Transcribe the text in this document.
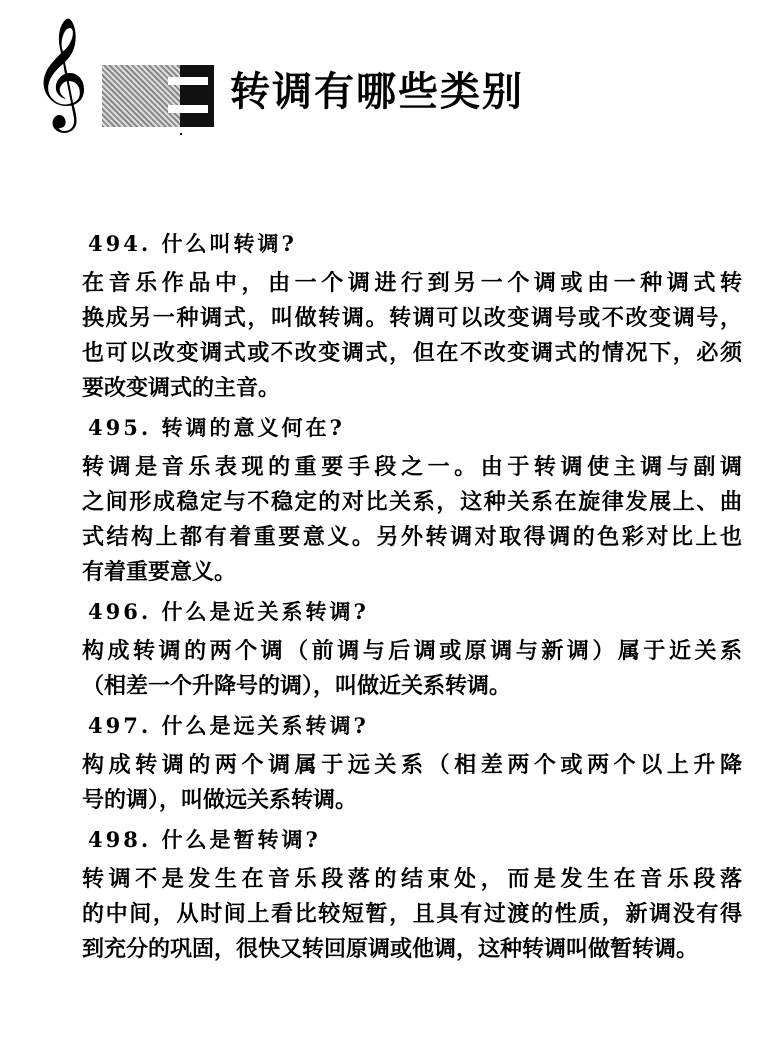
𝄞	转调有哪些类别
494. 什么叫转调?
在音乐作品中，由一个调进行到另一个调或由一种调式转
换成另一种调式，叫做转调。转调可以改变调号或不改变调号，
也可以改变调式或不改变调式，但在不改变调式的情况下，必须
要改变调式的主音。
495. 转调的意义何在?
转调是音乐表现的重要手段之一。由于转调使主调与副调
之间形成稳定与不稳定的对比关系，这种关系在旋律发展上、曲
式结构上都有着重要意义。另外转调对取得调的色彩对比上也
有着重要意义。
496. 什么是近关系转调?
构成转调的两个调（前调与后调或原调与新调）属于近关系
（相差一个升降号的调），叫做近关系转调。
497. 什么是远关系转调?
构成转调的两个调属于远关系（相差两个或两个以上升降
号的调），叫做远关系转调。
498. 什么是暂转调?
转调不是发生在音乐段落的结束处，而是发生在音乐段落
的中间，从时间上看比较短暂，且具有过渡的性质，新调没有得
到充分的巩固，很快又转回原调或他调，这种转调叫做暂转调。
